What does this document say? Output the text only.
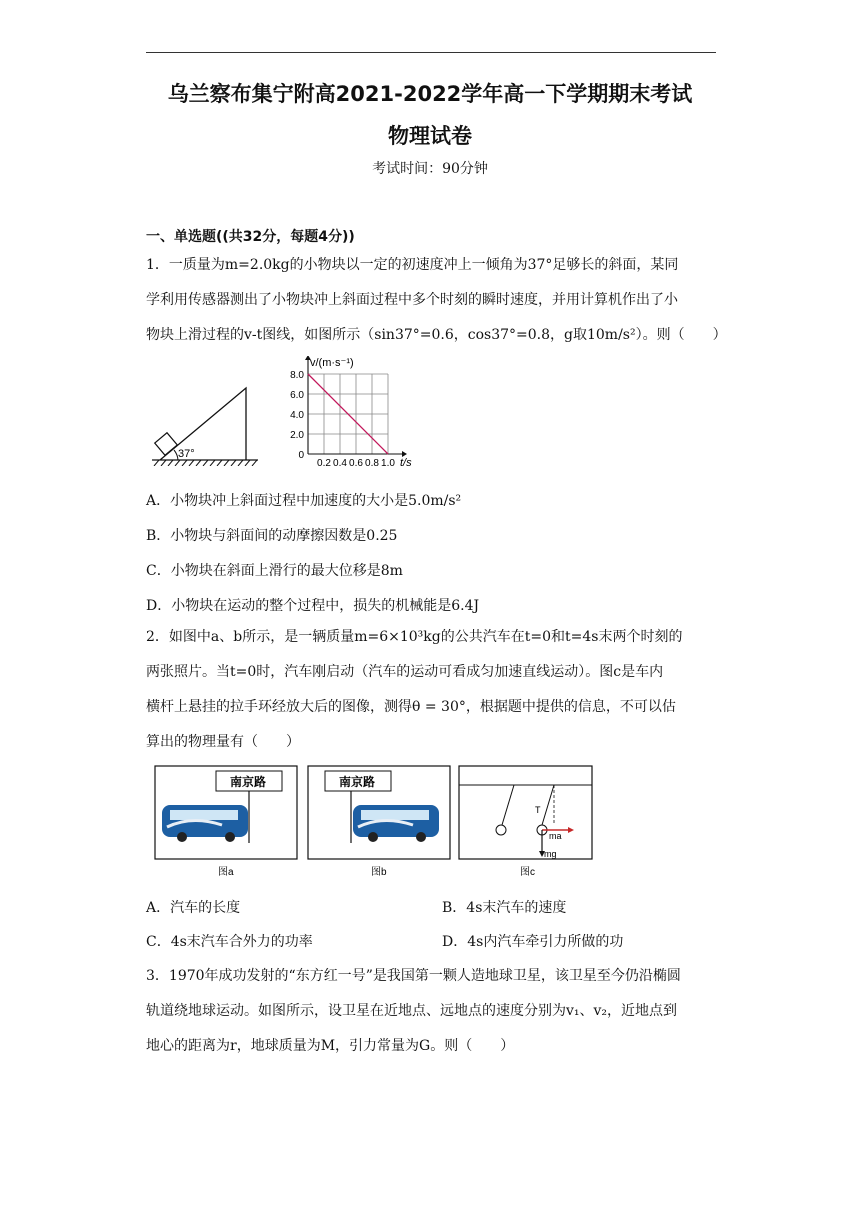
乌兰察布集宁附高2021-2022学年高一下学期期末考试
物理试卷
考试时间：90分钟
一、单选题((共32分，每题4分))
1．一质量为m=2.0kg的小物块以一定的初速度冲上一倾角为37°足够长的斜面，某同
学利用传感器测出了小物块冲上斜面过程中多个时刻的瞬时速度，并用计算机作出了小
物块上滑过程的v-t图线，如图所示（sin37°=0.6，cos37°=0.8，g取10m/s²）。则（　　）
37°
0.2 0.4 0.6 0.8 1.0
0
2.0
4.0
6.0
8.0
v/(m·s⁻¹)
t/s
A．小物块冲上斜面过程中加速度的大小是5.0m/s²
B．小物块与斜面间的动摩擦因数是0.25
C．小物块在斜面上滑行的最大位移是8m
D．小物块在运动的整个过程中，损失的机械能是6.4J
2．如图中a、b所示，是一辆质量m=6×10³kg的公共汽车在t=0和t=4s末两个时刻的
两张照片。当t=0时，汽车刚启动（汽车的运动可看成匀加速直线运动）。图c是车内
横杆上悬挂的拉手环经放大后的图像，测得θ = 30°，根据题中提供的信息，不可以估
算出的物理量有（　　）
南京路
图a
南京路
图b
T
ma
mg
图c
A．汽车的长度	B．4s末汽车的速度
C．4s末汽车合外力的功率	D．4s内汽车牵引力所做的功
3．1970年成功发射的“东方红一号”是我国第一颗人造地球卫星，该卫星至今仍沿椭圆
轨道绕地球运动。如图所示，设卫星在近地点、远地点的速度分别为v₁、v₂，近地点到
地心的距离为r，地球质量为M，引力常量为G。则（　　）
